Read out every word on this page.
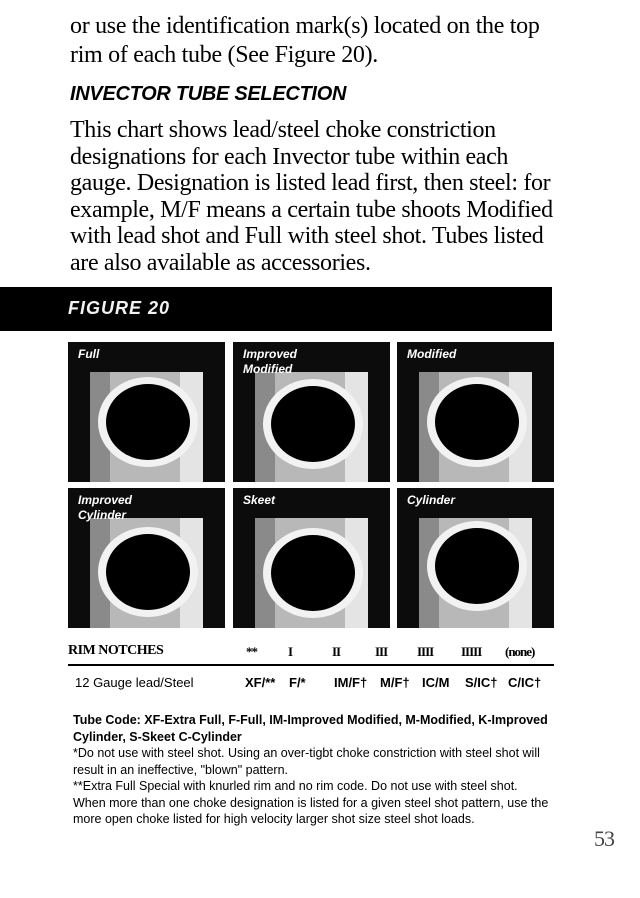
or use the identification mark(s) located on the top rim of each tube (See Figure 20).

INVECTOR TUBE SELECTION

This chart shows lead/steel choke constriction designations for each Invector tube within each gauge. Designation is listed lead first, then steel: for example, M/F means a certain tube shoots Modified with lead shot and Full with steel shot. Tubes listed are also available as accessories.

FIGURE 20
Full	Improved Modified
Modified
Improved Cylinder
Skeet	Cylinder
RIM NOTCHES	** I	II	III IIII IIIII (none)
12 Gauge lead/Steel	XF/** F/* IM/F† M/F† IC/M S/IC† C/IC†

Tube Code: XF-Extra Full, F-Full, IM-Improved Modified, M-Modified, K-Improved Cylinder, S-Skeet C-Cylinder

*Do not use with steel shot. Using an over-tigbt choke constriction with steel shot will result in an ineffective, "blown" pattern.

**Extra Full Special with knurled rim and no rim code. Do not use with steel shot.

When more than one choke designation is listed for a given steel shot pattern, use the more open choke listed for high velocity larger shot size steel shot loads.

53
